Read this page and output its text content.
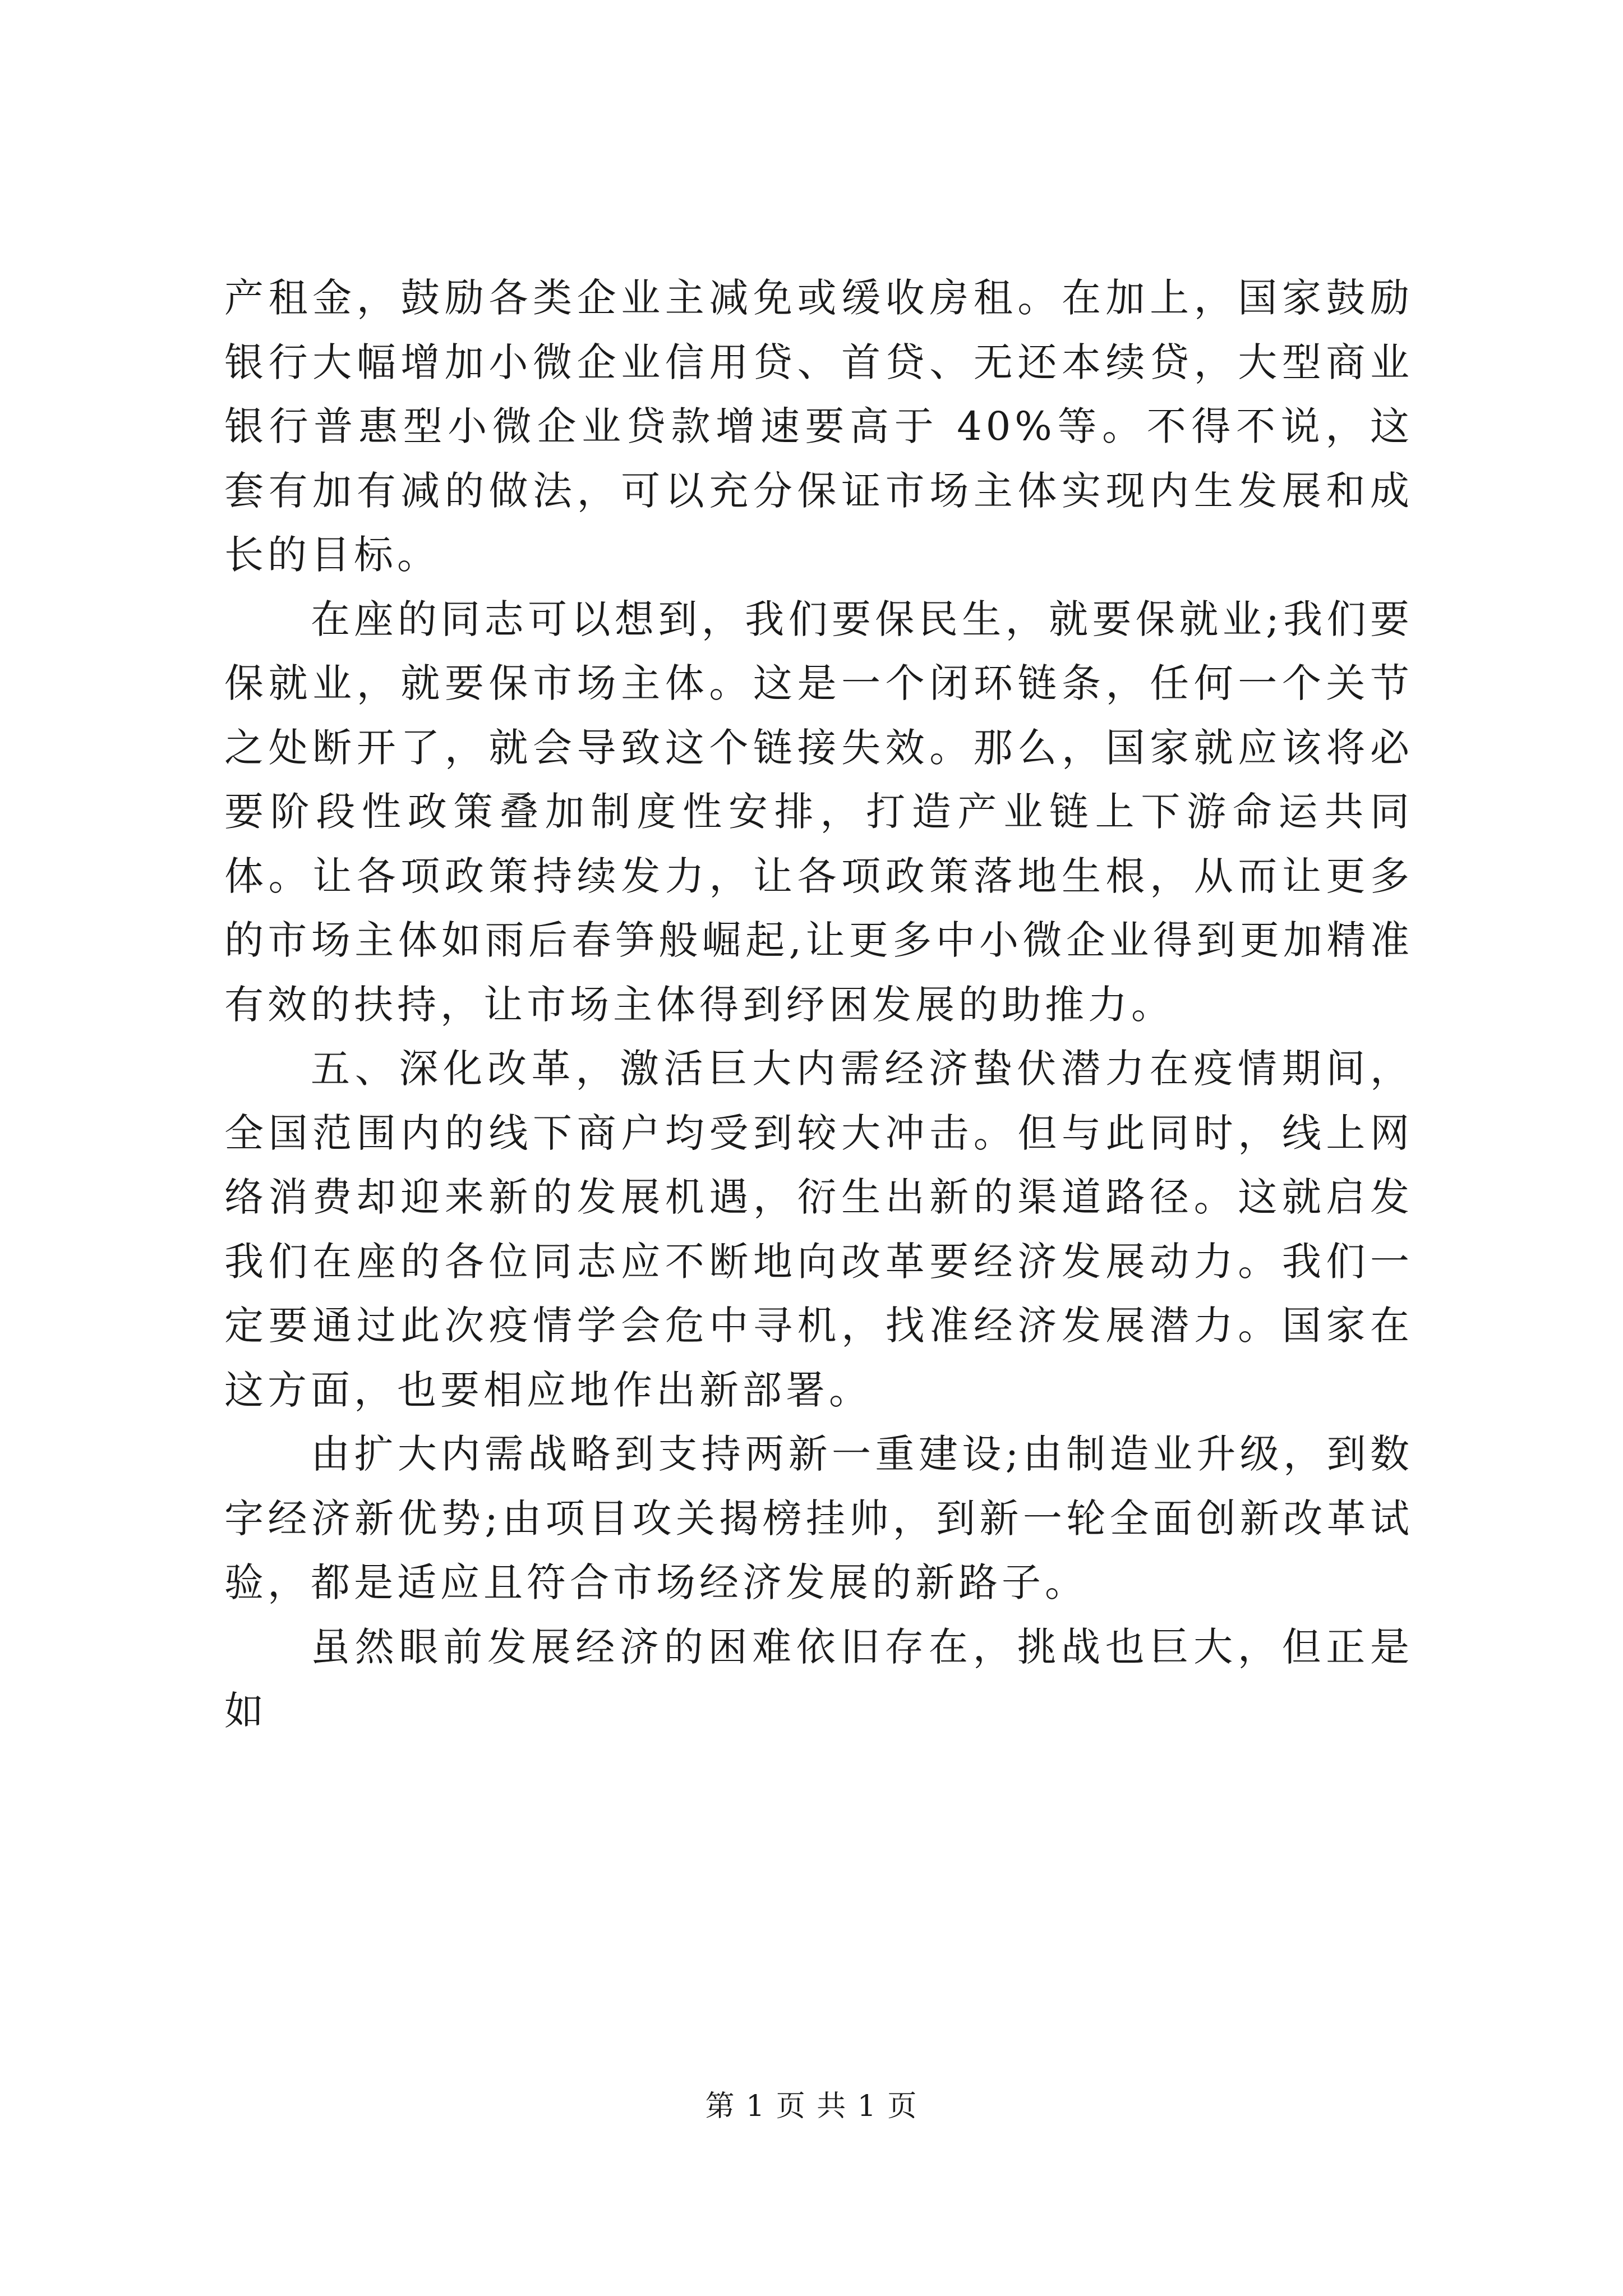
产租金，鼓励各类企业主减免或缓收房租。在加上，国家鼓励银行大幅增加小微企业信用贷、首贷、无还本续贷，大型商业银行普惠型小微企业贷款增速要高于 40%等。不得不说，这套有加有减的做法，可以充分保证市场主体实现内生发展和成长的目标。

在座的同志可以想到，我们要保民生，就要保就业;我们要保就业，就要保市场主体。这是一个闭环链条，任何一个关节之处断开了，就会导致这个链接失效。那么，国家就应该将必要阶段性政策叠加制度性安排，打造产业链上下游命运共同体。让各项政策持续发力，让各项政策落地生根，从而让更多的市场主体如雨后春笋般崛起,让更多中小微企业得到更加精准有效的扶持，让市场主体得到纾困发展的助推力。

五、深化改革，激活巨大内需经济蛰伏潜力在疫情期间，全国范围内的线下商户均受到较大冲击。但与此同时，线上网络消费却迎来新的发展机遇，衍生出新的渠道路径。这就启发我们在座的各位同志应不断地向改革要经济发展动力。我们一定要通过此次疫情学会危中寻机，找准经济发展潜力。国家在这方面，也要相应地作出新部署。

由扩大内需战略到支持两新一重建设;由制造业升级，到数字经济新优势;由项目攻关揭榜挂帅，到新一轮全面创新改革试验，都是适应且符合市场经济发展的新路子。

虽然眼前发展经济的困难依旧存在，挑战也巨大，但正是如

第 1 页 共 1 页
